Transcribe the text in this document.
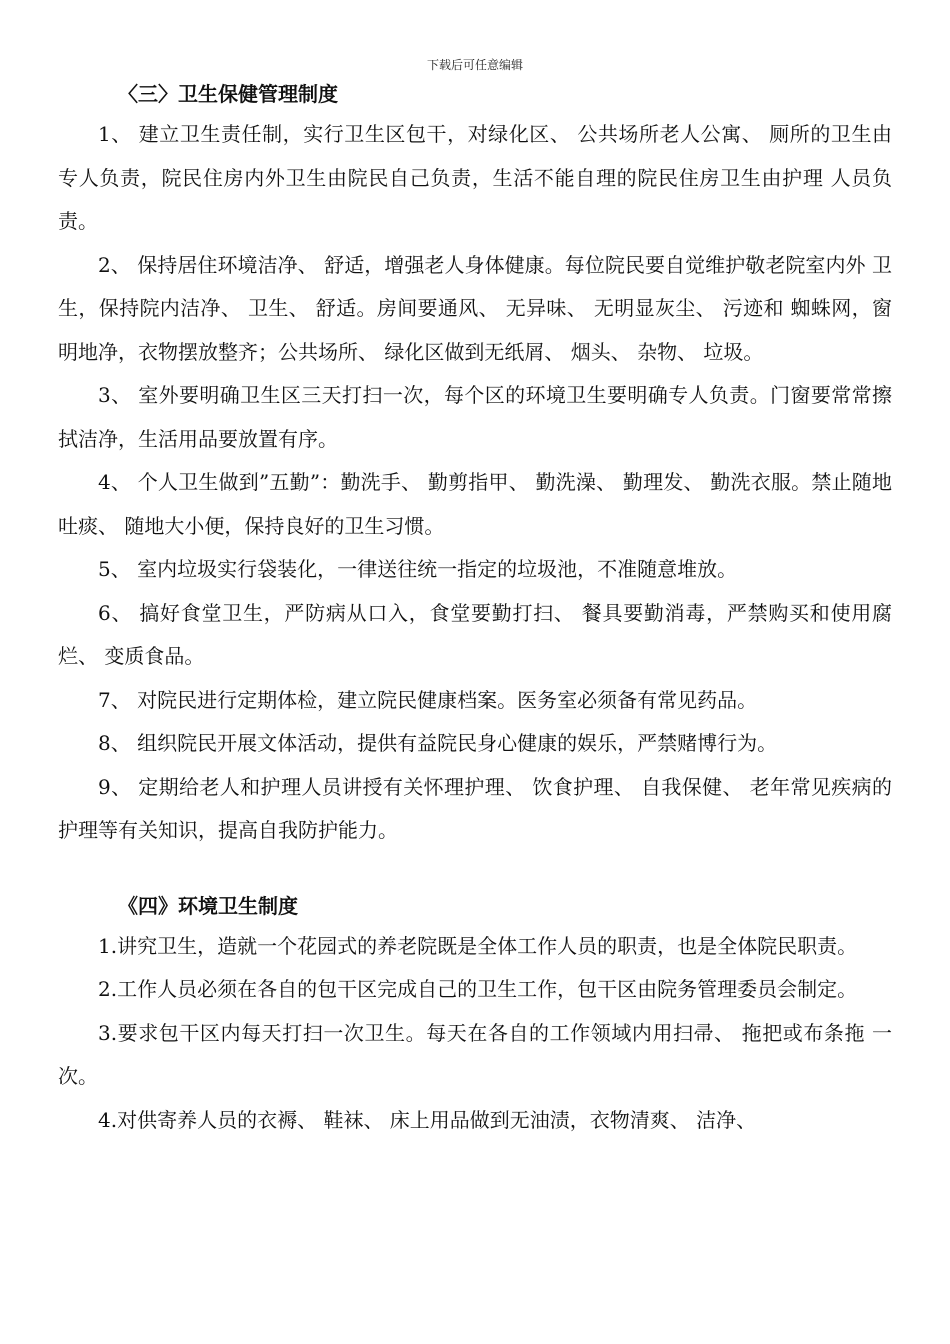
下载后可任意编辑
〈三〉卫生保健管理制度

1、 建立卫生责任制，实行卫生区包干，对绿化区、 公共场所老人公寓、 厕所的卫生由 专人负责，院民住房内外卫生由院民自己负责，生活不能自理的院民住房卫生由护理 人员负责。

2、 保持居住环境洁净、 舒适，增强老人身体健康。每位院民要自觉维护敬老院室内外 卫生，保持院内洁净、 卫生、 舒适。房间要通风、 无异味、 无明显灰尘、 污迹和 蜘蛛网，窗明地净，衣物摆放整齐；公共场所、 绿化区做到无纸屑、 烟头、 杂物、 垃圾。

3、 室外要明确卫生区三天打扫一次，每个区的环境卫生要明确专人负责。门窗要常常擦拭洁净，生活用品要放置有序。

4、 个人卫生做到”五勤”：勤洗手、 勤剪指甲、 勤洗澡、 勤理发、 勤洗衣服。禁止随地吐痰、 随地大小便，保持良好的卫生习惯。

5、 室内垃圾实行袋装化，一律送往统一指定的垃圾池，不准随意堆放。

6、 搞好食堂卫生，严防病从口入，食堂要勤打扫、 餐具要勤消毒，严禁购买和使用腐 烂、 变质食品。

7、 对院民进行定期体检，建立院民健康档案。医务室必须备有常见药品。

8、 组织院民开展文体活动，提供有益院民身心健康的娱乐，严禁赌博行为。

9、 定期给老人和护理人员讲授有关怀理护理、 饮食护理、 自我保健、 老年常见疾病的护理等有关知识，提高自我防护能力。

《四》环境卫生制度

1.讲究卫生，造就一个花园式的养老院既是全体工作人员的职责，也是全体院民职责。

2.工作人员必须在各自的包干区完成自己的卫生工作，包干区由院务管理委员会制定。

3.要求包干区内每天打扫一次卫生。每天在各自的工作领域内用扫帚、 拖把或布条拖 一次。

4.对供寄养人员的衣褥、 鞋袜、 床上用品做到无油渍，衣物清爽、 洁净、
